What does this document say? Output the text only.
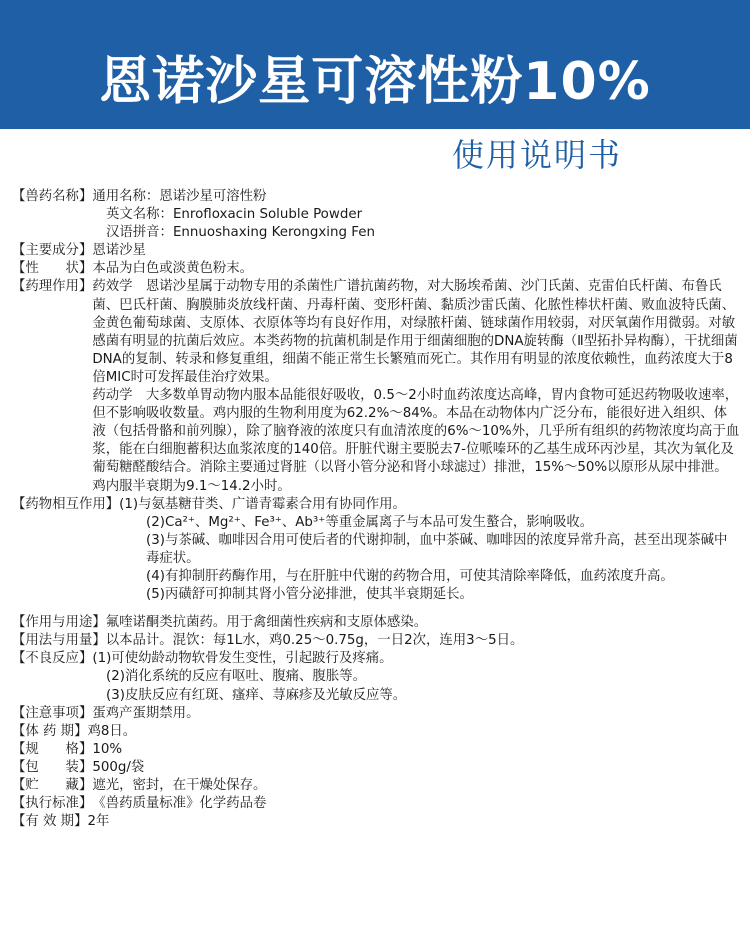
恩诺沙星可溶性粉10%
使用说明书
【兽药名称】 通用名称： 恩诺沙星可溶性粉
英文名称： Enrofloxacin Soluble Powder
汉语拼音： Ennuoshaxing Kerongxing Fen
【主要成分】 恩诺沙星
【性　　状】 本品为白色或淡黄色粉末。
【药理作用】 药效学　恩诺沙星属于动物专用的杀菌性广谱抗菌药物，对大肠埃希菌、沙门氏菌、克雷伯氏杆菌、布鲁氏菌、巴氏杆菌、胸膜肺炎放线杆菌、丹毒杆菌、变形杆菌、黏质沙雷氏菌、化脓性棒状杆菌、败血波特氏菌、金黄色葡萄球菌、支原体、衣原体等均有良好作用，对绿脓杆菌、链球菌作用较弱，对厌氧菌作用微弱。对敏感菌有明显的抗菌后效应。本类药物的抗菌机制是作用于细菌细胞的DNA旋转酶（Ⅱ型拓扑异构酶），干扰细菌DNA的复制、转录和修复重组，细菌不能正常生长繁殖而死亡。其作用有明显的浓度依赖性，血药浓度大于8倍MIC时可发挥最佳治疗效果。
药动学　大多数单胃动物内服本品能很好吸收，0.5～2小时血药浓度达高峰，胃内食物可延迟药物吸收速率，但不影响吸收数量。鸡内服的生物利用度为62.2%～84%。本品在动物体内广泛分布，能很好进入组织、体液（包括骨骼和前列腺），除了脑脊液的浓度只有血清浓度的6%～10%外，几乎所有组织的药物浓度均高于血浆，能在白细胞蓄积达血浆浓度的140倍。肝脏代谢主要脱去7-位哌嗪环的乙基生成环丙沙星，其次为氧化及葡萄糖醛酸结合。消除主要通过肾脏（以肾小管分泌和肾小球滤过）排泄，15%～50%以原形从尿中排泄。鸡内服半衰期为9.1～14.2小时。
【药物相互作用】 (1)与氨基糖苷类、广谱青霉素合用有协同作用。
(2)Ca²⁺、Mg²⁺、Fe³⁺、Ab³⁺等重金属离子与本品可发生螯合，影响吸收。
(3)与茶碱、咖啡因合用可使后者的代谢抑制，血中茶碱、咖啡因的浓度异常升高，甚至出现茶碱中毒症状。
(4)有抑制肝药酶作用，与在肝脏中代谢的药物合用，可使其清除率降低，血药浓度升高。
(5)丙磺舒可抑制其肾小管分泌排泄，使其半衰期延长。
【作用与用途】 氟喹诺酮类抗菌药。用于禽细菌性疾病和支原体感染。
【用法与用量】 以本品计。混饮：每1L水，鸡0.25～0.75g，一日2次，连用3～5日。
【不良反应】 (1)可使幼龄动物软骨发生变性，引起跛行及疼痛。
(2)消化系统的反应有呕吐、腹痛、腹胀等。
(3)皮肤反应有红斑、瘙痒、荨麻疹及光敏反应等。
【注意事项】 蛋鸡产蛋期禁用。
【体 药 期】 鸡8日。
【规　　格】 10%
【包　　装】 500g/袋
【贮　　藏】 遮光，密封，在干燥处保存。
【执行标准】 《兽药质量标准》化学药品卷
【有 效 期】 2年
